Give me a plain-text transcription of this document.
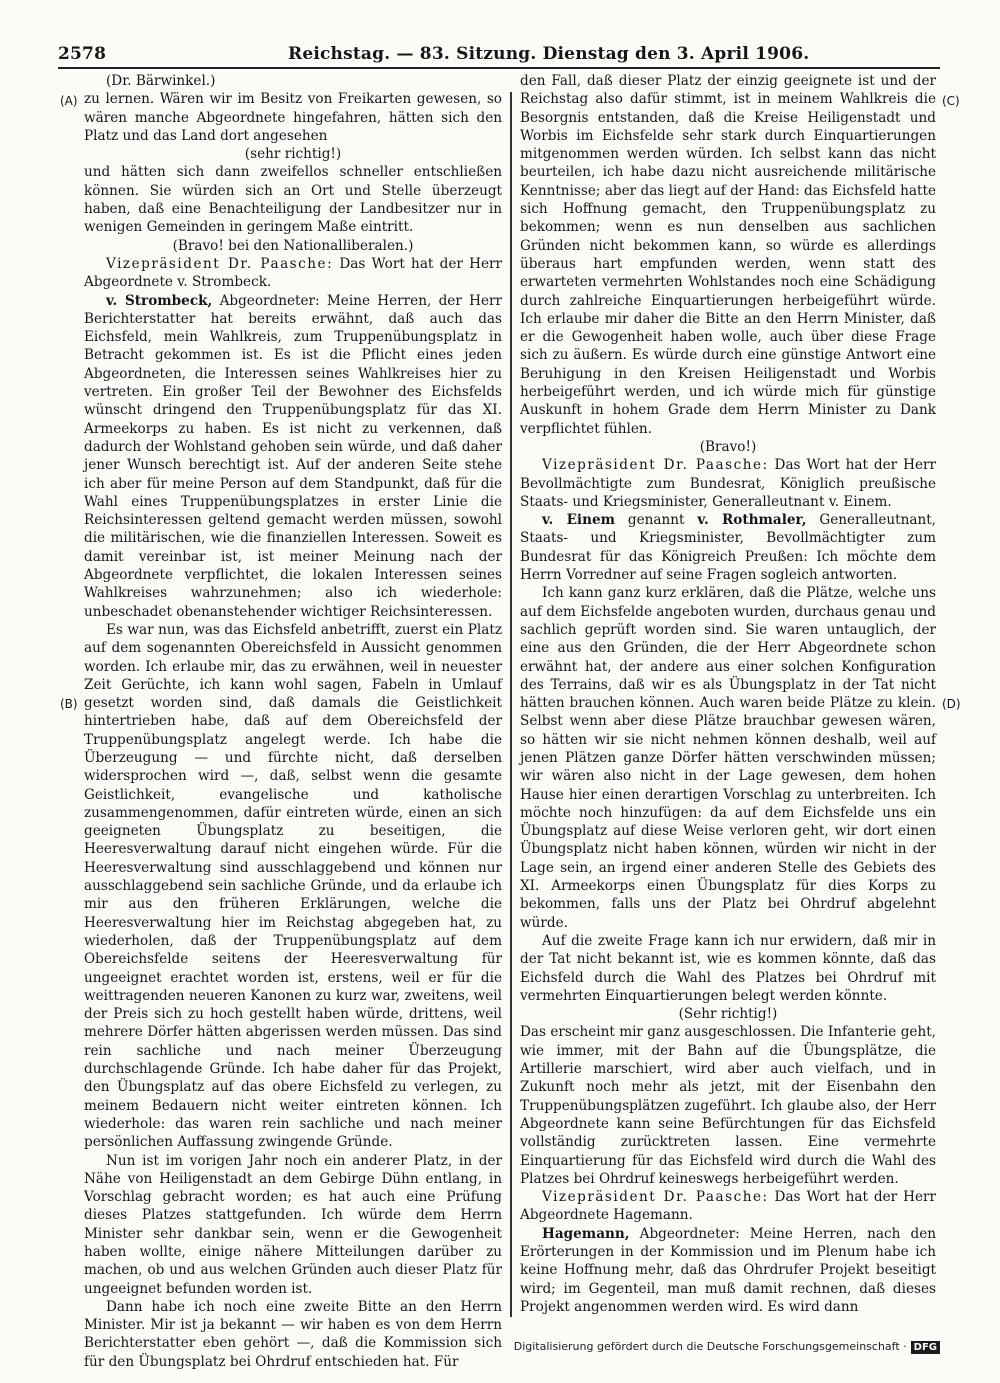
2578	Reichstag. — 83. Sitzung. Dienstag den 3. April 1906.
(A)
(B)
(C)
(D)

(Dr. Bärwinkel.)

zu lernen. Wären wir im Besitz von Freikarten gewesen, so wären manche Abgeordnete hingefahren, hätten sich den Platz und das Land dort angesehen

(sehr richtig!)

und hätten sich dann zweifellos schneller entschließen können. Sie würden sich an Ort und Stelle überzeugt haben, daß eine Benachteiligung der Landbesitzer nur in wenigen Gemeinden in geringem Maße eintritt.

(Bravo! bei den Nationalliberalen.)

Vizepräsident Dr. Paasche: Das Wort hat der Herr Abgeordnete v. Strombeck.

v. Strombeck, Abgeordneter: Meine Herren, der Herr Berichterstatter hat bereits erwähnt, daß auch das Eichsfeld, mein Wahlkreis, zum Truppenübungsplatz in Betracht gekommen ist. Es ist die Pflicht eines jeden Abgeordneten, die Interessen seines Wahlkreises hier zu vertreten. Ein großer Teil der Bewohner des Eichsfelds wünscht dringend den Truppenübungsplatz für das XI. Armeekorps zu haben. Es ist nicht zu verkennen, daß dadurch der Wohlstand gehoben sein würde, und daß daher jener Wunsch berechtigt ist. Auf der anderen Seite stehe ich aber für meine Person auf dem Standpunkt, daß für die Wahl eines Truppenübungsplatzes in erster Linie die Reichsinteressen geltend gemacht werden müssen, sowohl die militärischen, wie die finanziellen Interessen. Soweit es damit vereinbar ist, ist meiner Meinung nach der Abgeordnete verpflichtet, die lokalen Interessen seines Wahlkreises wahrzunehmen; also ich wiederhole: unbeschadet obenanstehender wichtiger Reichsinteressen.

Es war nun, was das Eichsfeld anbetrifft, zuerst ein Platz auf dem sogenannten Obereichsfeld in Aussicht genommen worden. Ich erlaube mir, das zu erwähnen, weil in neuester Zeit Gerüchte, ich kann wohl sagen, Fabeln in Umlauf gesetzt worden sind, daß damals die Geistlichkeit hintertrieben habe, daß auf dem Obereichsfeld der Truppenübungsplatz angelegt werde. Ich habe die Überzeugung — und fürchte nicht, daß derselben widersprochen wird —, daß, selbst wenn die gesamte Geistlichkeit, evangelische und katholische zusammengenommen, dafür eintreten würde, einen an sich geeigneten Übungsplatz zu beseitigen, die Heeresverwaltung darauf nicht eingehen würde. Für die Heeresverwaltung sind ausschlaggebend und können nur ausschlaggebend sein sachliche Gründe, und da erlaube ich mir aus den früheren Erklärungen, welche die Heeresverwaltung hier im Reichstag abgegeben hat, zu wiederholen, daß der Truppenübungsplatz auf dem Obereichsfelde seitens der Heeresverwaltung für ungeeignet erachtet worden ist, erstens, weil er für die weittragenden neueren Kanonen zu kurz war, zweitens, weil der Preis sich zu hoch gestellt haben würde, drittens, weil mehrere Dörfer hätten abgerissen werden müssen. Das sind rein sachliche und nach meiner Überzeugung durchschlagende Gründe. Ich habe daher für das Projekt, den Übungsplatz auf das obere Eichsfeld zu verlegen, zu meinem Bedauern nicht weiter eintreten können. Ich wiederhole: das waren rein sachliche und nach meiner persönlichen Auffassung zwingende Gründe.

Nun ist im vorigen Jahr noch ein anderer Platz, in der Nähe von Heiligenstadt an dem Gebirge Dühn entlang, in Vorschlag gebracht worden; es hat auch eine Prüfung dieses Platzes stattgefunden. Ich würde dem Herrn Minister sehr dankbar sein, wenn er die Gewogenheit haben wollte, einige nähere Mitteilungen darüber zu machen, ob und aus welchen Gründen auch dieser Platz für ungeeignet befunden worden ist.

Dann habe ich noch eine zweite Bitte an den Herrn Minister. Mir ist ja bekannt — wir haben es von dem Herrn Berichterstatter eben gehört —, daß die Kommission sich für den Übungsplatz bei Ohrdruf entschieden hat. Für

den Fall, daß dieser Platz der einzig geeignete ist und der Reichstag also dafür stimmt, ist in meinem Wahlkreis die Besorgnis entstanden, daß die Kreise Heiligenstadt und Worbis im Eichsfelde sehr stark durch Einquartierungen mitgenommen werden würden. Ich selbst kann das nicht beurteilen, ich habe dazu nicht ausreichende militärische Kenntnisse; aber das liegt auf der Hand: das Eichsfeld hatte sich Hoffnung gemacht, den Truppenübungsplatz zu bekommen; wenn es nun denselben aus sachlichen Gründen nicht bekommen kann, so würde es allerdings überaus hart empfunden werden, wenn statt des erwarteten vermehrten Wohlstandes noch eine Schädigung durch zahlreiche Einquartierungen herbeigeführt würde. Ich erlaube mir daher die Bitte an den Herrn Minister, daß er die Gewogenheit haben wolle, auch über diese Frage sich zu äußern. Es würde durch eine günstige Antwort eine Beruhigung in den Kreisen Heiligenstadt und Worbis herbeigeführt werden, und ich würde mich für günstige Auskunft in hohem Grade dem Herrn Minister zu Dank verpflichtet fühlen.

(Bravo!)

Vizepräsident Dr. Paasche: Das Wort hat der Herr Bevollmächtigte zum Bundesrat, Königlich preußische Staats- und Kriegsminister, Generalleutnant v. Einem.

v. Einem genannt v. Rothmaler, Generalleutnant, Staats- und Kriegsminister, Bevollmächtigter zum Bundesrat für das Königreich Preußen: Ich möchte dem Herrn Vorredner auf seine Fragen sogleich antworten.

Ich kann ganz kurz erklären, daß die Plätze, welche uns auf dem Eichsfelde angeboten wurden, durchaus genau und sachlich geprüft worden sind. Sie waren untauglich, der eine aus den Gründen, die der Herr Abgeordnete schon erwähnt hat, der andere aus einer solchen Konfiguration des Terrains, daß wir es als Übungsplatz in der Tat nicht hätten brauchen können. Auch waren beide Plätze zu klein. Selbst wenn aber diese Plätze brauchbar gewesen wären, so hätten wir sie nicht nehmen können deshalb, weil auf jenen Plätzen ganze Dörfer hätten verschwinden müssen; wir wären also nicht in der Lage gewesen, dem hohen Hause hier einen derartigen Vorschlag zu unterbreiten. Ich möchte noch hinzufügen: da auf dem Eichsfelde uns ein Übungsplatz auf diese Weise verloren geht, wir dort einen Übungsplatz nicht haben können, würden wir nicht in der Lage sein, an irgend einer anderen Stelle des Gebiets des XI. Armeekorps einen Übungsplatz für dies Korps zu bekommen, falls uns der Platz bei Ohrdruf abgelehnt würde.

Auf die zweite Frage kann ich nur erwidern, daß mir in der Tat nicht bekannt ist, wie es kommen könnte, daß das Eichsfeld durch die Wahl des Platzes bei Ohrdruf mit vermehrten Einquartierungen belegt werden könnte.

(Sehr richtig!)

Das erscheint mir ganz ausgeschlossen. Die Infanterie geht, wie immer, mit der Bahn auf die Übungsplätze, die Artillerie marschiert, wird aber auch vielfach, und in Zukunft noch mehr als jetzt, mit der Eisenbahn den Truppenübungsplätzen zugeführt. Ich glaube also, der Herr Abgeordnete kann seine Befürchtungen für das Eichsfeld vollständig zurücktreten lassen. Eine vermehrte Einquartierung für das Eichsfeld wird durch die Wahl des Platzes bei Ohrdruf keineswegs herbeigeführt werden.

Vizepräsident Dr. Paasche: Das Wort hat der Herr Abgeordnete Hagemann.

Hagemann, Abgeordneter: Meine Herren, nach den Erörterungen in der Kommission und im Plenum habe ich keine Hoffnung mehr, daß das Ohrdrufer Projekt beseitigt wird; im Gegenteil, man muß damit rechnen, daß dieses Projekt angenommen werden wird. Es wird dann

Digitalisierung gefördert durch die Deutsche Forschungsgemeinschaft · DFG
